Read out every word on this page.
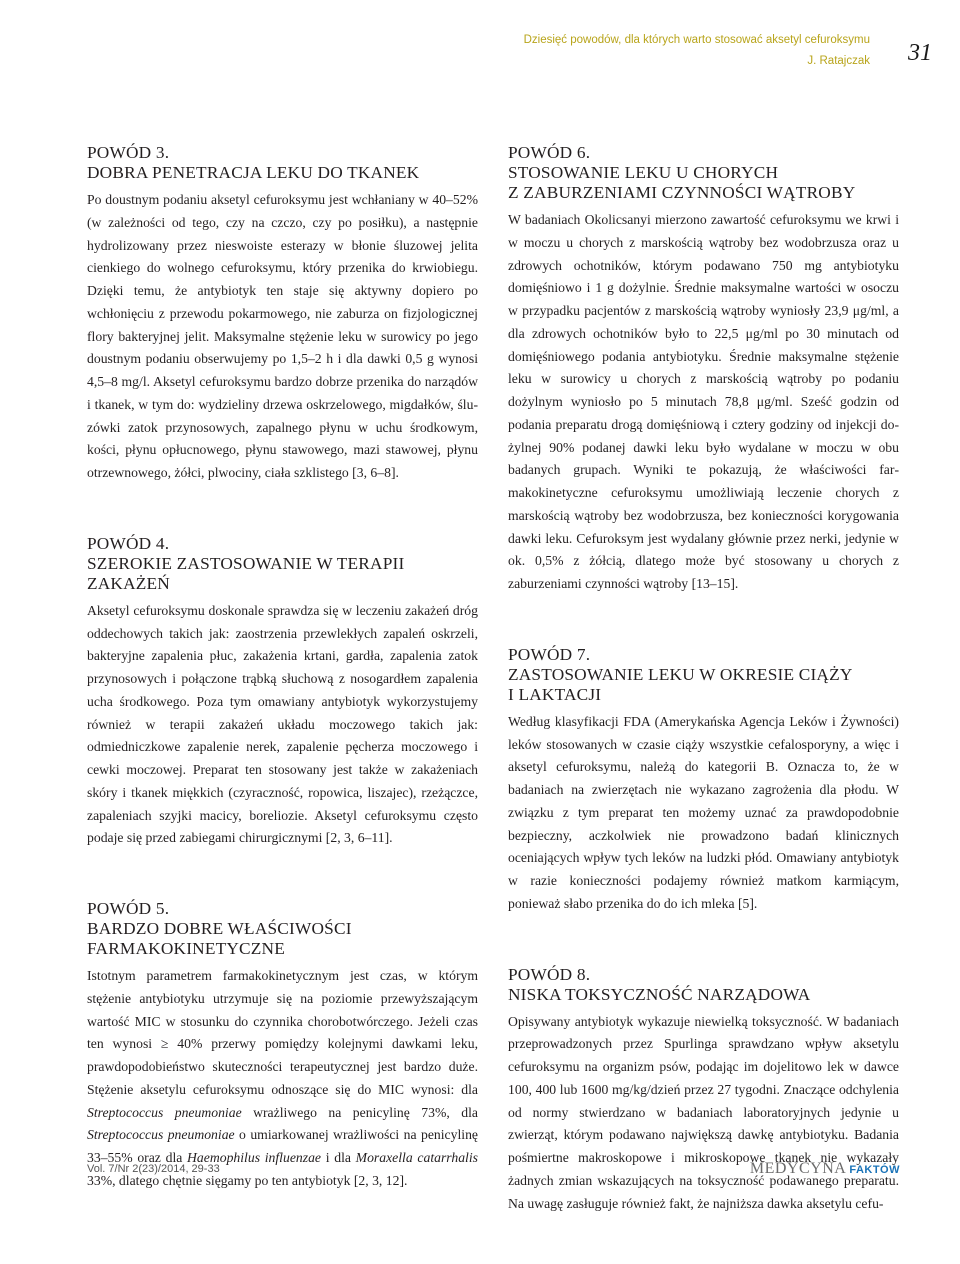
Dziesięć powodów, dla których warto stosować aksetyl cefuroksymu
J. Ratajczak 31
POWÓD 3.
DOBRA PENETRACJA LEKU DO TKANEK

Po doustnym podaniu aksetyl cefuroksymu jest wchłaniany w 40–52% (w zależności od tego, czy na czczo, czy po posiłku), a następnie hydrolizowany przez nieswoiste esterazy w błonie śluzowej jelita cienkiego do wolnego cefuroksymu, który przenika do krwiobiegu. Dzięki temu, że antybiotyk ten staje się aktywny dopiero po wchłonięciu z przewodu pokarmowego, nie zaburza on fizjologicznej flory bakteryjnej jelit. Maksymalne stężenie leku w surowicy po jego doustnym podaniu obserwujemy po 1,5–2 h i dla dawki 0,5 g wynosi 4,5–8 mg/l. Aksetyl cefuroksymu bardzo dobrze przenika do narządów i tkanek, w tym do: wydzieliny drzewa oskrzelowego, migdałków, śluzówki zatok przynosowych, zapalnego płynu w uchu środkowym, kości, płynu opłucnowego, płynu stawowego, mazi stawowej, płynu otrzewnowego, żółci, plwociny, ciała szklistego [3, 6–8].

POWÓD 4.
SZEROKIE ZASTOSOWANIE W TERAPII
ZAKAŻEŃ

Aksetyl cefuroksymu doskonale sprawdza się w leczeniu zakażeń dróg oddechowych takich jak: zaostrzenia przewlekłych zapaleń oskrzeli, bakteryjne zapalenia płuc, zakażenia krtani, gardła, zapalenia zatok przynosowych i połączone trąbką słuchową z nosogardłem zapalenia ucha środkowego. Poza tym omawiany antybiotyk wykorzystujemy również w terapii zakażeń układu moczowego takich jak: odmiedniczkowe zapalenie nerek, zapalenie pęcherza moczowego i cewki moczowej. Preparat ten stosowany jest także w zakażeniach skóry i tkanek miękkich (czyraczność, ropowica, liszajec), rzeżączce, zapaleniach szyjki macicy, boreliozie. Aksetyl cefuroksymu często podaje się przed zabiegami chirurgicznymi [2, 3, 6–11].

POWÓD 5.
BARDZO DOBRE WŁAŚCIWOŚCI
FARMAKOKINETYCZNE

Istotnym parametrem farmakokinetycznym jest czas, w którym stężenie antybiotyku utrzymuje się na poziomie przewyższającym wartość MIC w stosunku do czynnika chorobotwórczego. Jeżeli czas ten wynosi ≥ 40% przerwy pomiędzy kolejnymi dawkami leku, prawdopodobieństwo skuteczności terapeutycznej jest bardzo duże. Stężenie aksetylu cefuroksymu odnoszące się do MIC wynosi: dla Streptococcus pneumoniae wrażliwego na penicylinę 73%, dla Streptococcus pneumoniae o umiarkowanej wrażliwości na penicylinę 33–55% oraz dla Haemophilus influenzae i dla Moraxella catarrhalis 33%, dlatego chętnie sięgamy po ten antybiotyk [2, 3, 12].

POWÓD 6.
STOSOWANIE LEKU U CHORYCH
Z ZABURZENIAMI CZYNNOŚCI WĄTROBY

W badaniach Okolicsanyi mierzono zawartość cefuroksymu we krwi i w moczu u chorych z marskością wątroby bez wodobrzusza oraz u zdrowych ochotników, którym podawano 750 mg antybiotyku domięśniowo i 1 g dożylnie. Średnie maksymalne wartości w osoczu w przypadku pacjentów z marskością wątroby wyniosły 23,9 μg/ml, a dla zdrowych ochotników było to 22,5 μg/ml po 30 minutach od domięśniowego podania antybiotyku. Średnie maksymalne stężenie leku w surowicy u chorych z marskością wątroby po podaniu dożylnym wyniosło po 5 minutach 78,8 μg/ml. Sześć godzin od podania preparatu drogą domięśniową i cztery godziny od injekcji dożylnej 90% podanej dawki leku było wydalane w moczu w obu badanych grupach. Wyniki te pokazują, że właściwości farmakokinetyczne cefuroksymu umożliwiają leczenie chorych z marskością wątroby bez wodobrzusza, bez konieczności korygowania dawki leku. Cefuroksym jest wydalany głównie przez nerki, jedynie w ok. 0,5% z żółcią, dlatego może być stosowany u chorych z zaburzeniami czynności wątroby [13–15].

POWÓD 7.
ZASTOSOWANIE LEKU W OKRESIE CIĄŻY
I LAKTACJI

Według klasyfikacji FDA (Amerykańska Agencja Leków i Żywności) leków stosowanych w czasie ciąży wszystkie cefalosporyny, a więc i aksetyl cefuroksymu, należą do kategorii B. Oznacza to, że w badaniach na zwierzętach nie wykazano zagrożenia dla płodu. W związku z tym preparat ten możemy uznać za prawdopodobnie bezpieczny, aczkolwiek nie prowadzono badań klinicznych oceniających wpływ tych leków na ludzki płód. Omawiany antybiotyk w razie konieczności podajemy również matkom karmiącym, ponieważ słabo przenika do do ich mleka [5].

POWÓD 8.
NISKA TOKSYCZNOŚĆ NARZĄDOWA

Opisywany antybiotyk wykazuje niewielką toksyczność. W badaniach przeprowadzonych przez Spurlinga sprawdzano wpływ aksetylu cefuroksymu na organizm psów, podając im dojelitowo lek w dawce 100, 400 lub 1600 mg/kg/dzień przez 27 tygodni. Znaczące odchylenia od normy stwierdzano w badaniach laboratoryjnych jedynie u zwierząt, którym podawano największą dawkę antybiotyku. Badania pośmiertne makroskopowe i mikroskopowe tkanek nie wykazały żadnych zmian wskazujących na toksyczność podawanego preparatu. Na uwagę zasługuje również fakt, że najniższa dawka aksetylu cefu-

Vol. 7/Nr 2(23)/2014, 29-33	MEDYCYNA FAKTÓW
